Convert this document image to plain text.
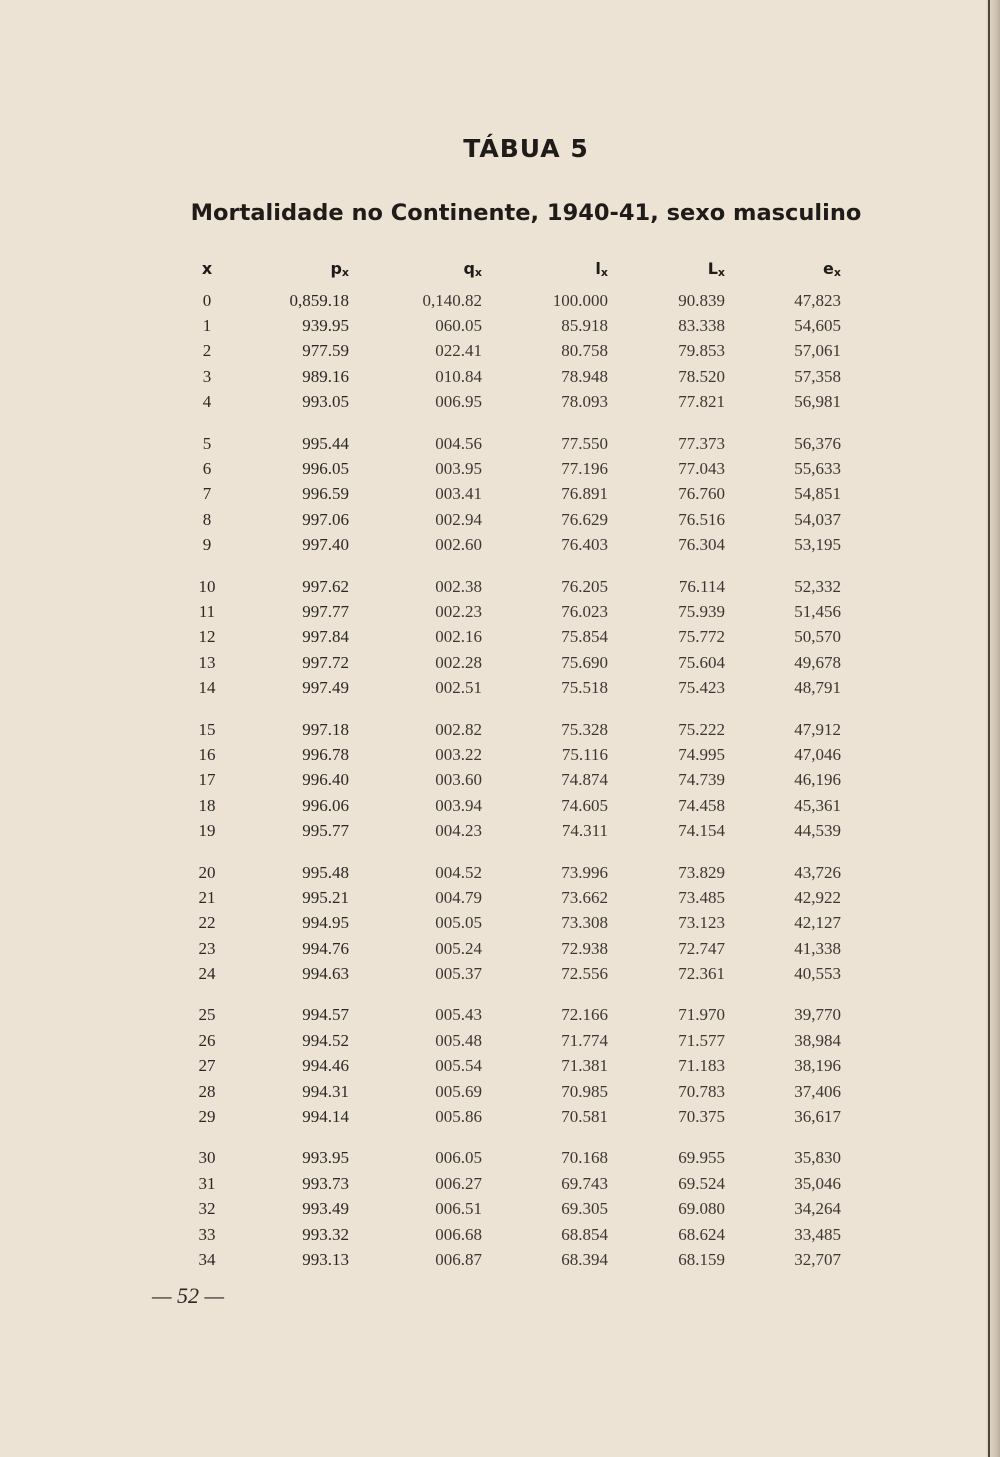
TÁBUA 5
Mortalidade no Continente, 1940-41, sexo masculino
x	px	qx	lx	Lx	ex
0	0,859.18	0,140.82	100.000	90.839	47,823
1	939.95	060.05	85.918	83.338	54,605
2	977.59	022.41	80.758	79.853	57,061
3	989.16	010.84	78.948	78.520	57,358
4	993.05	006.95	78.093	77.821	56,981

5	995.44	004.56	77.550	77.373	56,376
6	996.05	003.95	77.196	77.043	55,633
7	996.59	003.41	76.891	76.760	54,851
8	997.06	002.94	76.629	76.516	54,037
9	997.40	002.60	76.403	76.304	53,195

10	997.62	002.38	76.205	76.114	52,332
11	997.77	002.23	76.023	75.939	51,456
12	997.84	002.16	75.854	75.772	50,570
13	997.72	002.28	75.690	75.604	49,678
14	997.49	002.51	75.518	75.423	48,791

15	997.18	002.82	75.328	75.222	47,912
16	996.78	003.22	75.116	74.995	47,046
17	996.40	003.60	74.874	74.739	46,196
18	996.06	003.94	74.605	74.458	45,361
19	995.77	004.23	74.311	74.154	44,539

20	995.48	004.52	73.996	73.829	43,726
21	995.21	004.79	73.662	73.485	42,922
22	994.95	005.05	73.308	73.123	42,127
23	994.76	005.24	72.938	72.747	41,338
24	994.63	005.37	72.556	72.361	40,553

25	994.57	005.43	72.166	71.970	39,770
26	994.52	005.48	71.774	71.577	38,984
27	994.46	005.54	71.381	71.183	38,196
28	994.31	005.69	70.985	70.783	37,406
29	994.14	005.86	70.581	70.375	36,617

30	993.95	006.05	70.168	69.955	35,830
31	993.73	006.27	69.743	69.524	35,046
32	993.49	006.51	69.305	69.080	34,264
33	993.32	006.68	68.854	68.624	33,485
34	993.13	006.87	68.394	68.159	32,707
— 52 —
